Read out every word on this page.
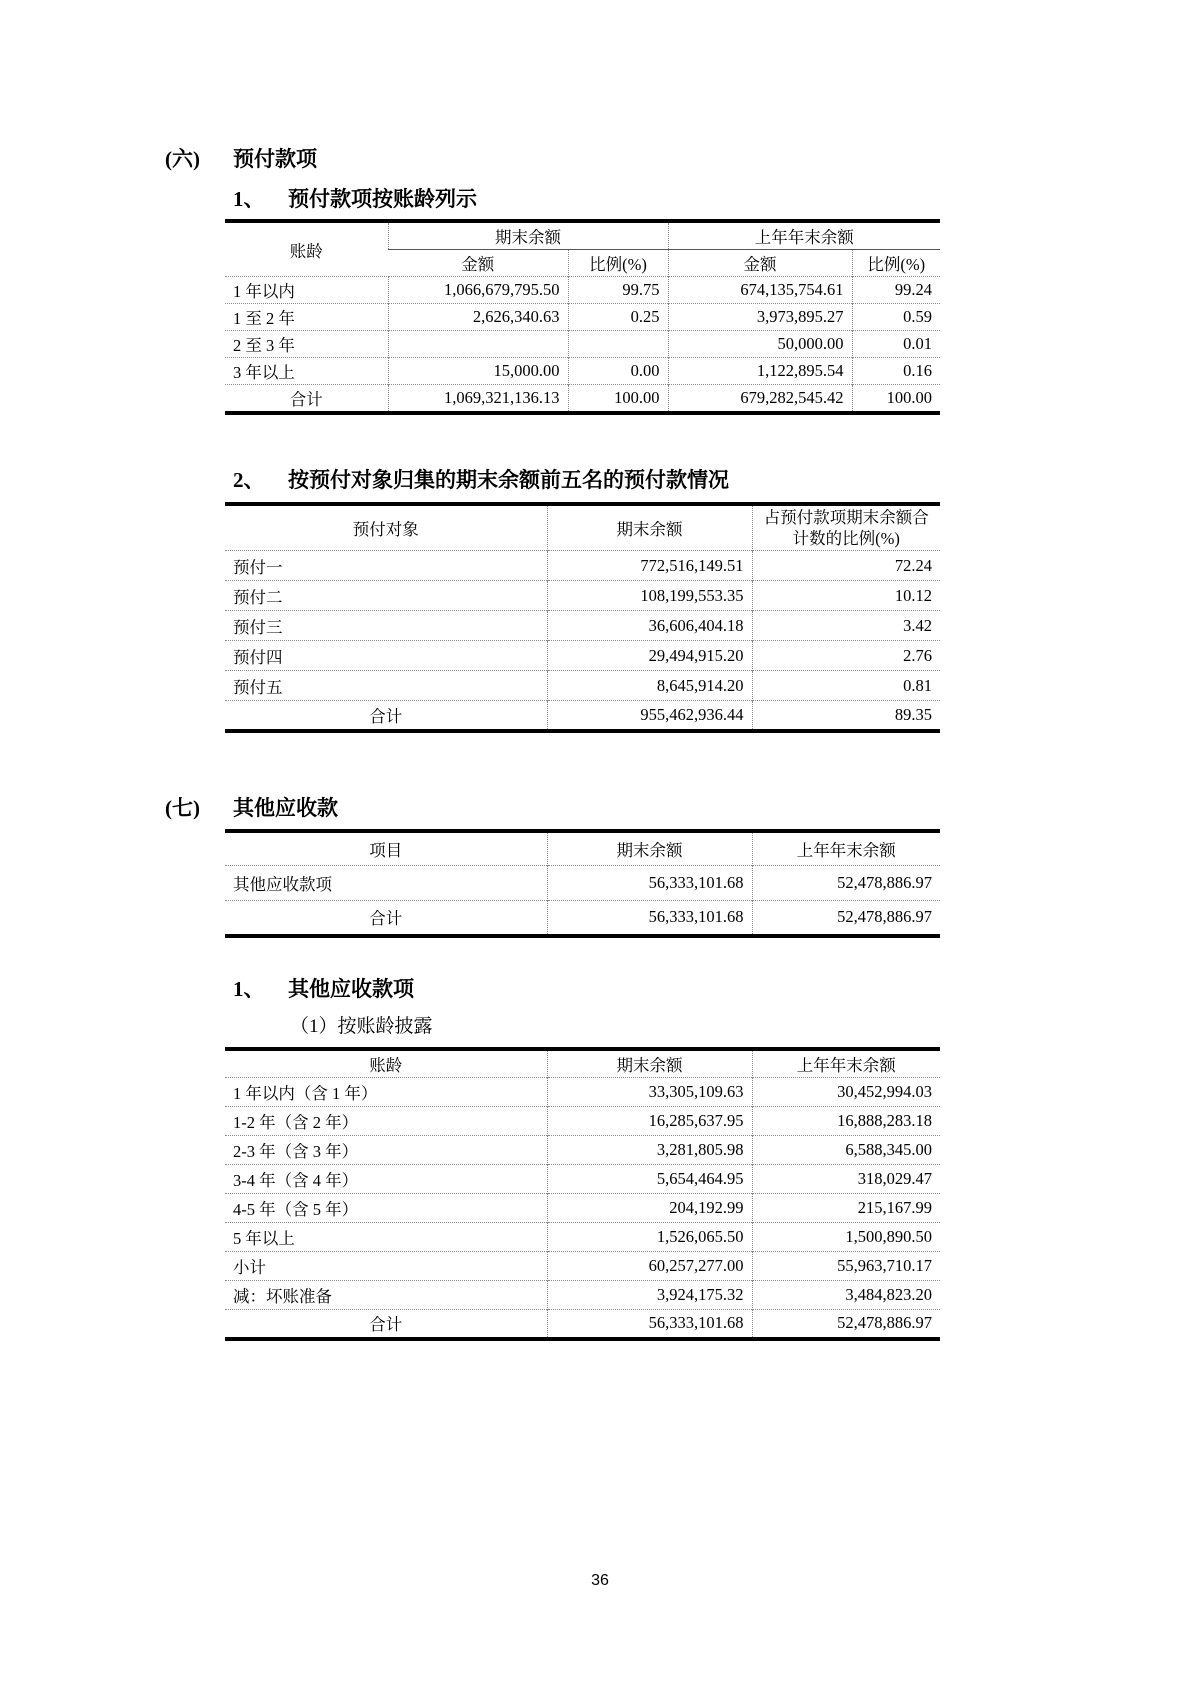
(六)	预付款项
1、	预付款项按账龄列示
账龄	期末余额		上年年末余额	
	金额	比例(%)	金额	比例(%)
1 年以内	1,066,679,795.50	99.75	674,135,754.61	99.24
1 至 2 年	2,626,340.63	0.25	3,973,895.27	0.59
2 至 3 年			50,000.00	0.01
3 年以上	15,000.00	0.00	1,122,895.54	0.16
合计	1,069,321,136.13	100.00	679,282,545.42	100.00
2、	按预付对象归集的期末余额前五名的预付款情况
预付对象	期末余额	占预付款项期末余额合计数的比例(%)
预付一	772,516,149.51	72.24
预付二	108,199,553.35	10.12
预付三	36,606,404.18	3.42
预付四	29,494,915.20	2.76
预付五	8,645,914.20	0.81
合计	955,462,936.44	89.35
(七)	其他应收款
项目	期末余额	上年年末余额
其他应收款项	56,333,101.68	52,478,886.97
合计	56,333,101.68	52,478,886.97
1、	其他应收款项
（1）按账龄披露
账龄	期末余额	上年年末余额
1 年以内（含 1 年）	33,305,109.63	30,452,994.03
1-2 年（含 2 年）	16,285,637.95	16,888,283.18
2-3 年（含 3 年）	3,281,805.98	6,588,345.00
3-4 年（含 4 年）	5,654,464.95	318,029.47
4-5 年（含 5 年）	204,192.99	215,167.99
5 年以上	1,526,065.50	1,500,890.50
小计	60,257,277.00	55,963,710.17
减：坏账准备	3,924,175.32	3,484,823.20
合计	56,333,101.68	52,478,886.97
36
